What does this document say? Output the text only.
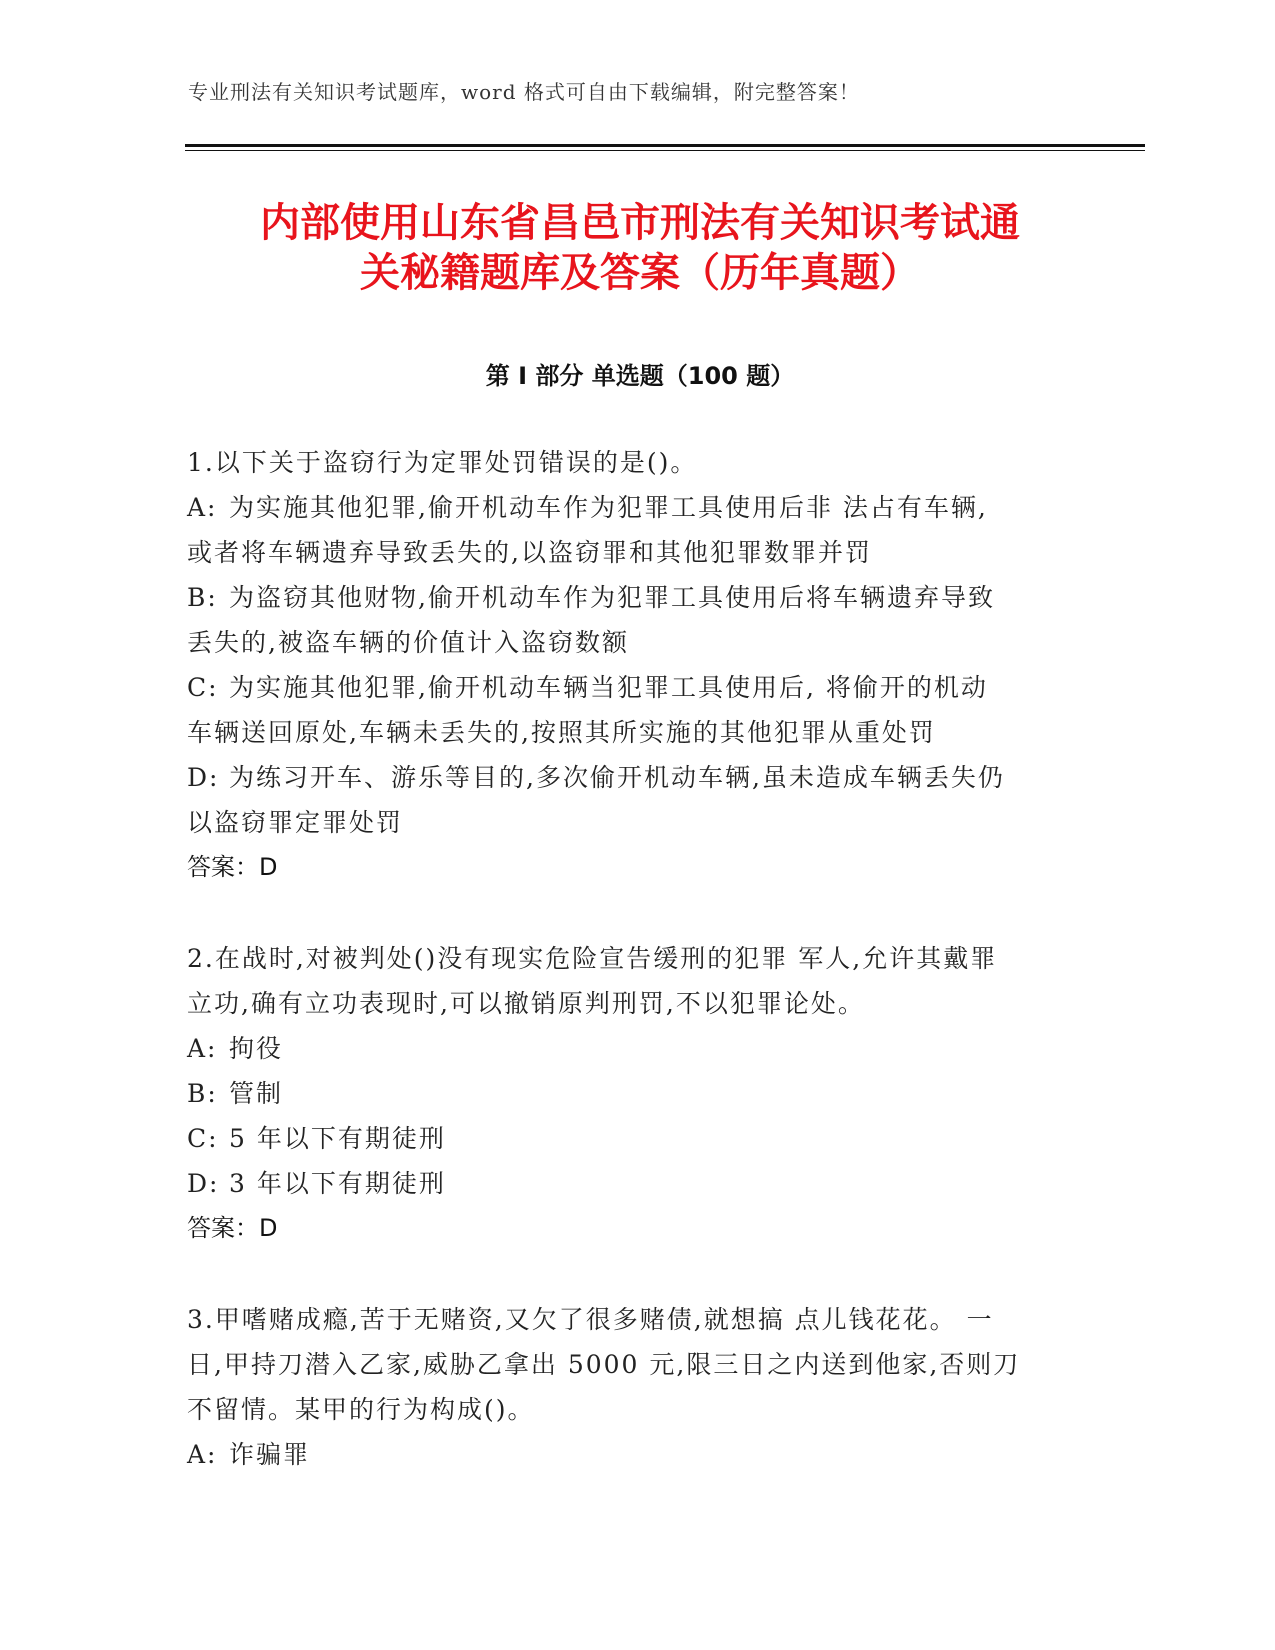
专业刑法有关知识考试题库，word 格式可自由下载编辑，附完整答案！
内部使用山东省昌邑市刑法有关知识考试通
关秘籍题库及答案（历年真题）
第 I 部分 单选题（100 题）
1.以下关于盗窃行为定罪处罚错误的是()。
A: 为实施其他犯罪,偷开机动车作为犯罪工具使用后非 法占有车辆,
或者将车辆遗弃导致丢失的,以盗窃罪和其他犯罪数罪并罚
B: 为盗窃其他财物,偷开机动车作为犯罪工具使用后将车辆遗弃导致
丢失的,被盗车辆的价值计入盗窃数额
C: 为实施其他犯罪,偷开机动车辆当犯罪工具使用后, 将偷开的机动
车辆送回原处,车辆未丢失的,按照其所实施的其他犯罪从重处罚
D: 为练习开车、游乐等目的,多次偷开机动车辆,虽未造成车辆丢失仍
以盗窃罪定罪处罚
答案：D
2.在战时,对被判处()没有现实危险宣告缓刑的犯罪 军人,允许其戴罪
立功,确有立功表现时,可以撤销原判刑罚,不以犯罪论处。
A: 拘役
B: 管制
C: 5 年以下有期徒刑
D: 3 年以下有期徒刑
答案：D
3.甲嗜赌成瘾,苦于无赌资,又欠了很多赌债,就想搞 点儿钱花花。 一
日,甲持刀潜入乙家,威胁乙拿出 5000 元,限三日之内送到他家,否则刀
不留情。某甲的行为构成()。
A: 诈骗罪
